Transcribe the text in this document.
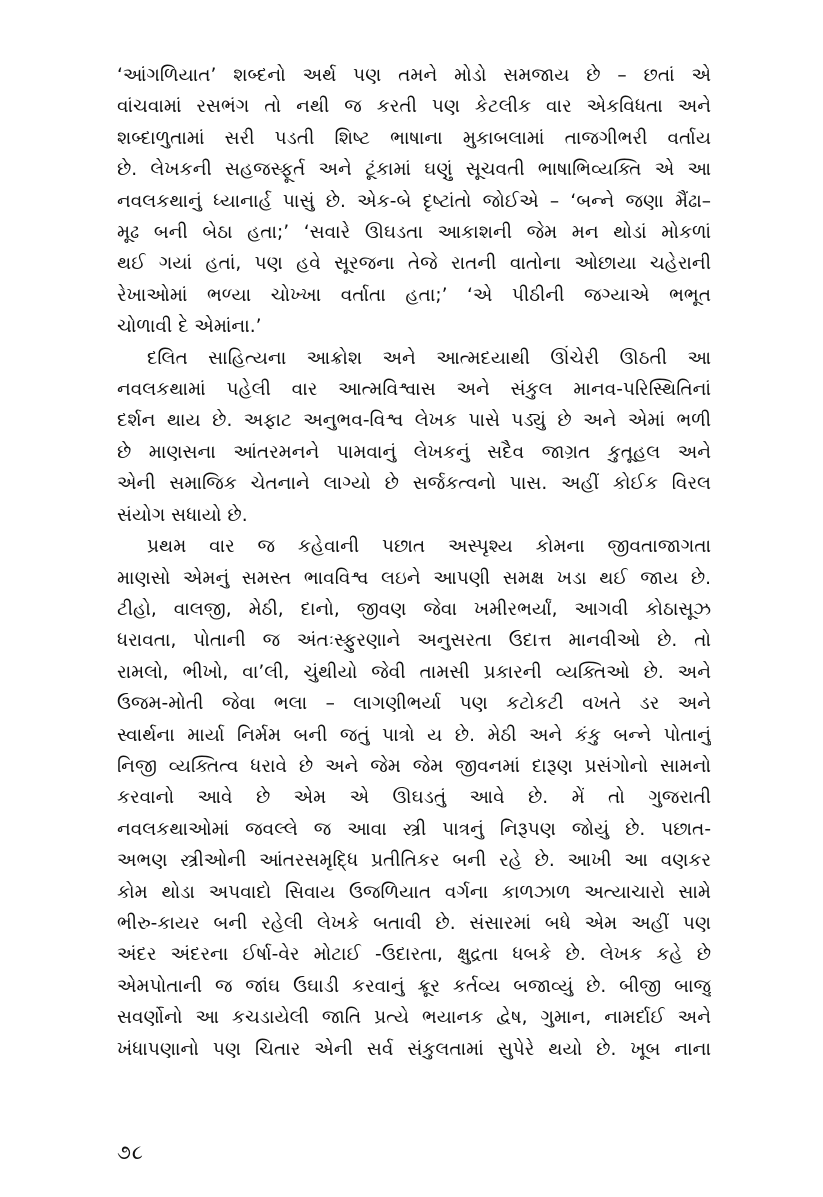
‘આંગળિયાત’ શબ્દનો અર્થ પણ તમને મોડો સમજાય છે – છતાં એ
વાંચવામાં રસભંગ તો નથી જ કરતી પણ કેટલીક વાર એકવિધતા અને
શબ્દાળુતામાં સરી પડતી શિષ્ટ ભાષાના મુકાબલામાં તાજગીભરી વર્તાય
છે. લેખકની સહજસ્ફૂર્ત અને ટૂંકામાં ઘણું સૂચવતી ભાષાભિવ્યક્તિ એ આ
નવલકથાનું ધ્યાનાર્હ પાસું છે. એક-બે દૃષ્ટાંતો જોઈએ – ‘બન્ને જણા મૈંઢા–
મૂઢ બની બેઠા હતા;’ ‘સવારે ઊઘડતા આકાશની જેમ મન થોડાં મોકળાં
થઈ ગયાં હતાં, પણ હવે સૂરજના તેજે રાતની વાતોના ઓછાયા ચહેરાની
રેખાઓમાં ભળ્યા ચોખ્ખા વર્તાતા હતા;’ ‘એ પીઠીની જગ્યાએ ભભૂત
ચોળાવી દે એમાંના.’
દલિત સાહિત્યના આક્રોશ અને આત્મદયાથી ઊંચેરી ઊઠતી આ
નવલકથામાં પહેલી વાર આત્મવિશ્વાસ અને સંકુલ માનવ-પરિસ્થિતિનાં
દર્શન થાય છે. અફાટ અનુભવ-વિશ્વ લેખક પાસે પડ્યું છે અને એમાં ભળી
છે માણસના આંતરમનને પામવાનું લેખકનું સદૈવ જાગ્રત કુતૂહલ અને
એની સમાજિક ચેતનાને લાગ્યો છે સર્જકત્વનો પાસ. અહીં કોઈક વિરલ
સંયોગ સધાયો છે.
પ્રથમ વાર જ કહેવાની પછાત અસ્પૃશ્ય કોમના જીવતાજાગતા
માણસો એમનું સમસ્ત ભાવવિશ્વ લઇને આપણી સમક્ષ ખડા થઈ જાય છે.
ટીહો, વાલજી, મેઠી, દાનો, જીવણ જેવા ખમીરભર્યાં, આગવી કોઠાસૂઝ
ધરાવતા, પોતાની જ અંતઃસ્ફુરણાને અનુસરતા ઉદાત્ત માનવીઓ છે. તો
રામલો, ભીખો, વા’લી, ચુંથીયો જેવી તામસી પ્રકારની વ્યક્તિઓ છે. અને
ઉજમ-મોતી જેવા ભલા – લાગણીભર્યા પણ કટોકટી વખતે ડર અને
સ્વાર્થના માર્યા નિર્મમ બની જતું પાત્રો ય છે. મેઠી અને કંકુ બન્ને પોતાનું
નિજી વ્યક્તિત્વ ધરાવે છે અને જેમ જેમ જીવનમાં દારૂણ પ્રસંગોનો સામનો
કરવાનો આવે છે એમ એ ઊઘડતું આવે છે. મેં તો ગુજરાતી
નવલકથાઓમાં જવલ્લે જ આવા સ્ત્રી પાત્રનું નિરૂપણ જોયું છે. પછાત-
અભણ સ્ત્રીઓની આંતરસમૃદ્ધિ પ્રતીતિકર બની રહે છે. આખી આ વણકર
કોમ થોડા અપવાદો સિવાય ઉજળિયાત વર્ગના કાળઝાળ અત્યાચારો સામે
ભીરુ-કાયર બની રહેલી લેખકે બતાવી છે. સંસારમાં બધે એમ અહીં પણ
અંદર અંદરના ઈર્ષા-વેર મોટાઈ -ઉદારતા, ક્ષુદ્રતા ધબકે છે. લેખક કહે છે
એમપોતાની જ જાંઘ ઉઘાડી કરવાનું ક્રૂર કર્તવ્ય બજાવ્યું છે. બીજી બાજુ
સવર્ણોનો આ કચડાયેલી જાતિ પ્રત્યે ભયાનક દ્વેષ, ગુમાન, નામર્દાઈ અને
ખંધાપણાનો પણ ચિતાર એની સર્વ સંકુલતામાં સુપેરે થયો છે. ખૂબ નાના
૭૮
